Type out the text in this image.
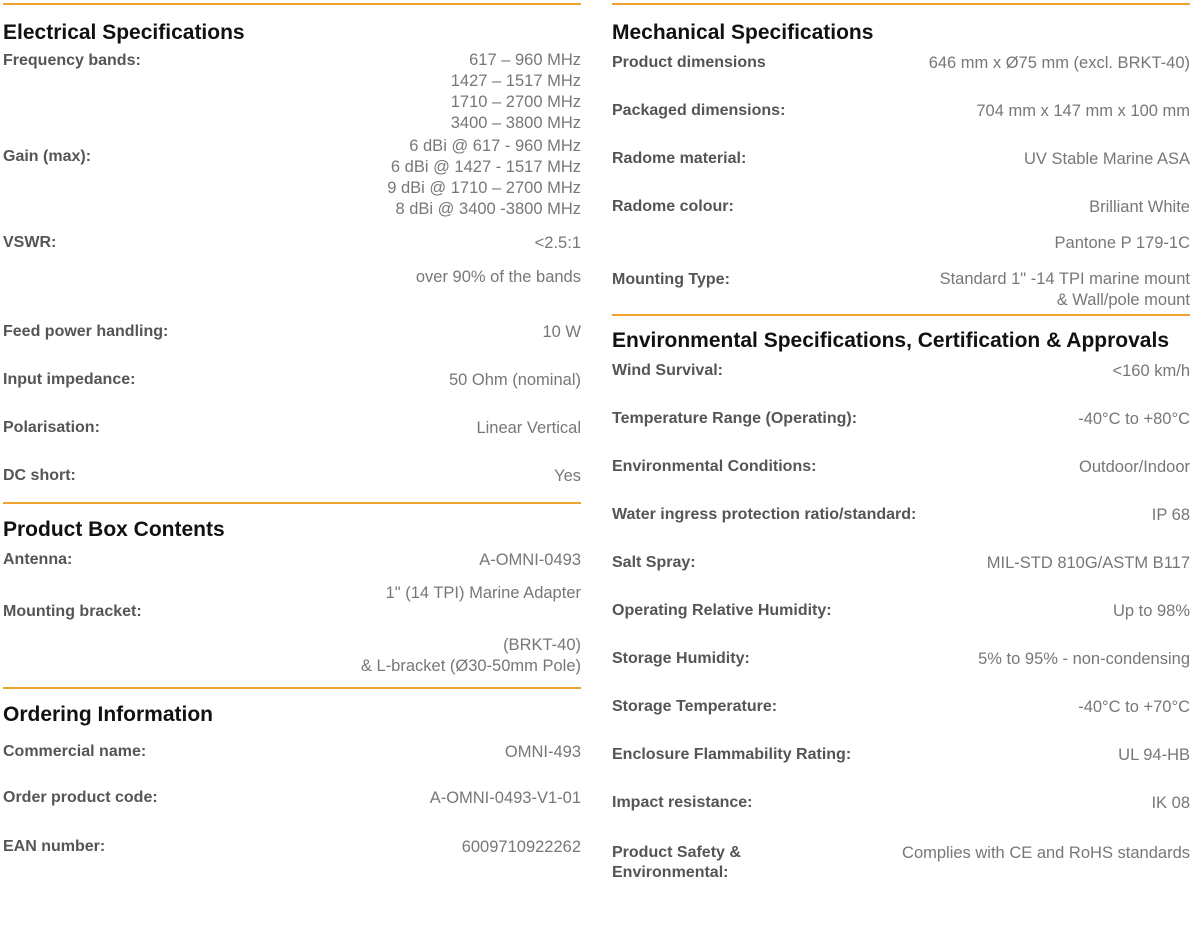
Electrical Specifications
Frequency bands:	617 – 960 MHz
1427 – 1517 MHz
1710 – 2700 MHz
3400 – 3800 MHz
Gain (max):
6 dBi @ 617 - 960 MHz
6 dBi @ 1427 - 1517 MHz
9 dBi @ 1710 – 2700 MHz
8 dBi @ 3400 -3800 MHz
VSWR:	<2.5:1
over 90% of the bands
Feed power handling:	10 W
Input impedance:	50 Ohm (nominal)
Polarisation:	Linear Vertical
DC short:	Yes
Product Box Contents
Antenna:	A-OMNI-0493
Mounting bracket:
1" (14 TPI) Marine Adapter
(BRKT-40)
& L-bracket (Ø30-50mm Pole)
Ordering Information
Commercial name:	OMNI-493
Order product code:	A-OMNI-0493-V1-01
EAN number:	6009710922262
Mechanical Specifications
Product dimensions	646 mm x Ø75 mm (excl. BRKT-40)
Packaged dimensions:	704 mm x 147 mm x 100 mm
Radome material:	UV Stable Marine ASA
Radome colour:	Brilliant White
Pantone P 179-1C
Mounting Type:	Standard 1" -14 TPI marine mount
& Wall/pole mount
Environmental Specifications, Certification & Approvals
Wind Survival:	<160 km/h
Temperature Range (Operating):	-40°C to +80°C
Environmental Conditions:	Outdoor/Indoor
Water ingress protection ratio/standard:	IP 68
Salt Spray:	MIL-STD 810G/ASTM B117
Operating Relative Humidity:	Up to 98%
Storage Humidity:	5% to 95% - non-condensing
Storage Temperature:	-40°C to +70°C
Enclosure Flammability Rating:	UL 94-HB
Impact resistance:	IK 08
Product Safety &
Environmental:
Complies with CE and RoHS standards
